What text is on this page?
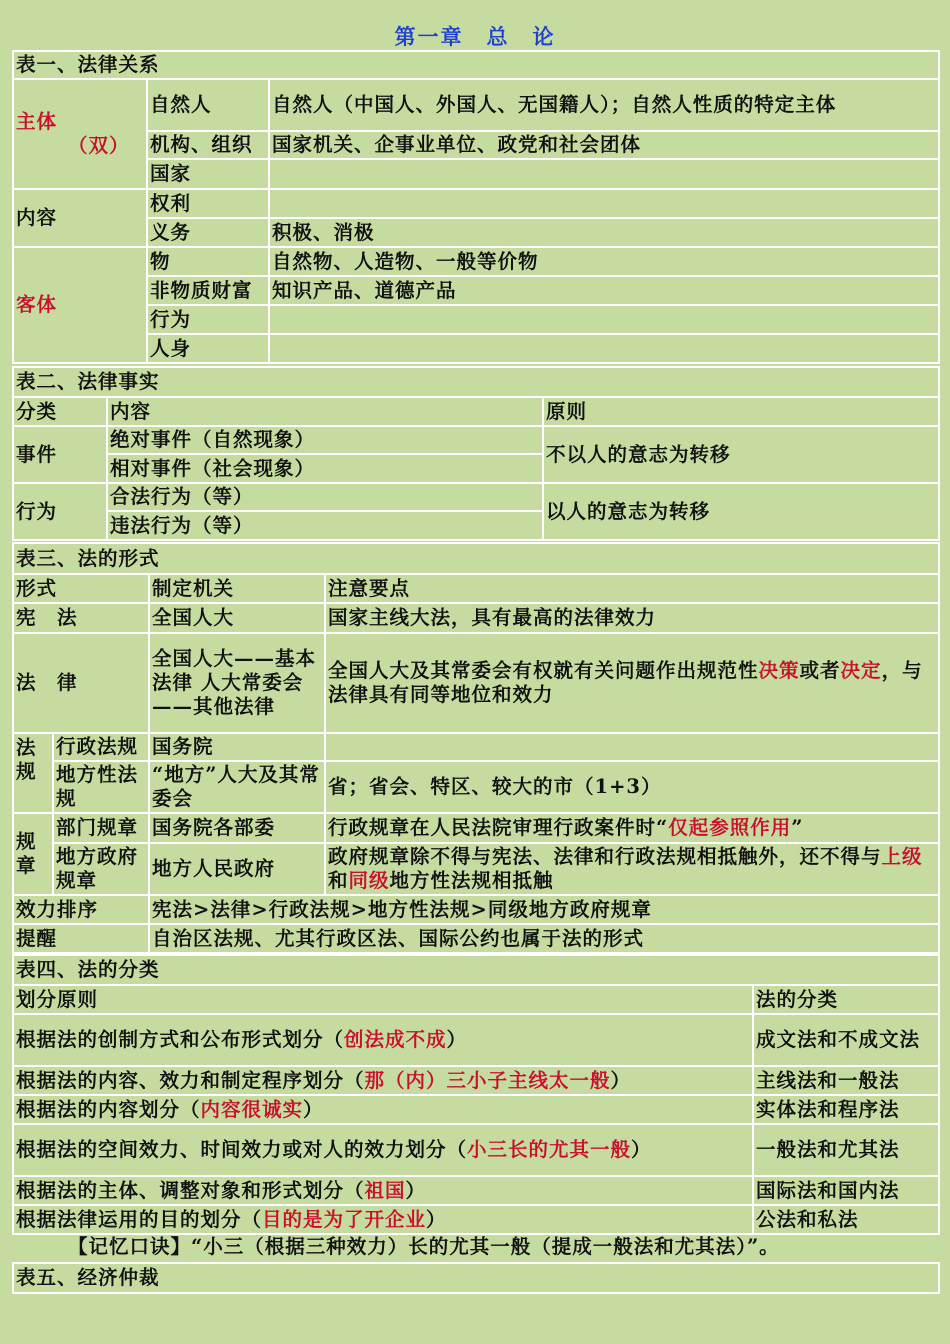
第一章　总　论
表一、法律关系		

主体
（双）	自然人	自然人（中国人、外国人、无国籍人）；自然人性质的特定主体
	机构、组织	国家机关、企事业单位、政党和社会团体
	国家	
内容	权利	
	义务	积极、消极
客体	物	自然物、人造物、一般等价物
	非物质财富	知识产品、道德产品
	行为	
	人身	
表二、法律事实		
分类	内容	原则
事件	绝对事件（自然现象）	不以人的意志为转移
	相对事件（社会现象）	
行为	合法行为（等）	以人的意志为转移
	违法行为（等）	
表三、法的形式			
形式		制定机关	注意要点
宪　法		全国人大	国家主线大法，具有最高的法律效力
法　律		全国人大——基本法律 人大常委会——其他法律	全国人大及其常委会有权就有关问题作出规范性决策或者决定，与法律具有同等地位和效力
法规	行政法规	国务院	
	地方性法规	“地方”人大及其常委会	省；省会、特区、较大的市（1+3）
规章	部门规章	国务院各部委	行政规章在人民法院审理行政案件时“仅起参照作用”
	地方政府规章	地方人民政府	政府规章除不得与宪法、法律和行政法规相抵触外，还不得与上级和同级地方性法规相抵触
效力排序		宪法>法律>行政法规>地方性法规>同级地方政府规章	
提醒		自治区法规、尤其行政区法、国际公约也属于法的形式	
表四、法的分类	
划分原则	法的分类
根据法的创制方式和公布形式划分（创法成不成）	成文法和不成文法
根据法的内容、效力和制定程序划分（那（内）三小子主线太一般）	主线法和一般法
根据法的内容划分（内容很诚实）	实体法和程序法
根据法的空间效力、时间效力或对人的效力划分（小三长的尤其一般）	一般法和尤其法
根据法的主体、调整对象和形式划分（祖国）	国际法和国内法
根据法律运用的目的划分（目的是为了开企业）	公法和私法
【记忆口诀】“小三（根据三种效力）长的尤其一般（提成一般法和尤其法）”。
表五、经济仲裁
